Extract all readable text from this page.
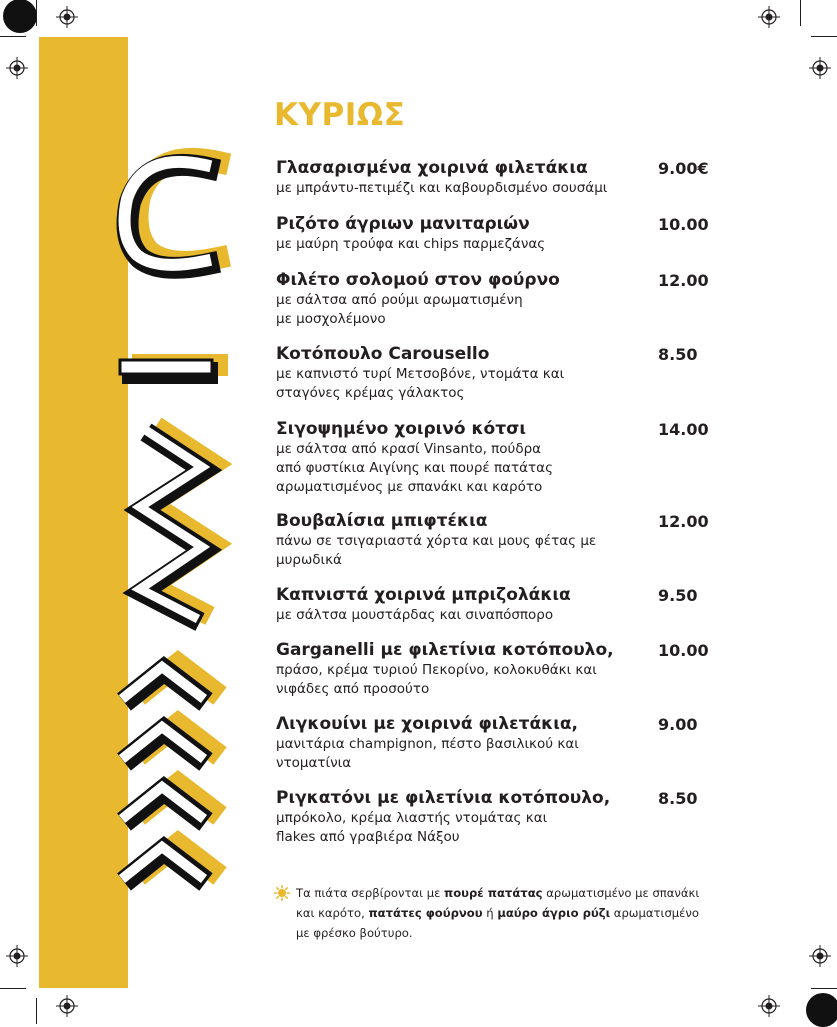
ΚΥΡΙΩΣ
Γλασαρισμένα χοιρινά φιλετάκια
με μπράντυ-πετιμέζι και καβουρδισμένο σουσάμι
9.00€
Ριζότο άγριων μανιταριών
με μαύρη τρούφα και chips παρμεζάνας
10.00
Φιλέτο σολομού στον φούρνο
με σάλτσα από ρούμι αρωματισμένη
με μοσχολέμονο
12.00
Κοτόπουλο Carousello
με καπνιστό τυρί Μετσοβόνε, ντομάτα και
σταγόνες κρέμας γάλακτος
8.50
Σιγοψημένο χοιρινό κότσι
με σάλτσα από κρασί Vinsanto, πούδρα
από φυστίκια Αιγίνης και πουρέ πατάτας
αρωματισμένος με σπανάκι και καρότο
14.00
Βουβαλίσια μπιφτέκια
πάνω σε τσιγαριαστά χόρτα και μους φέτας με
μυρωδικά
12.00
Καπνιστά χοιρινά μπριζολάκια
με σάλτσα μουστάρδας και σιναπόσπορο
9.50
Garganelli με φιλετίνια κοτόπουλο,
πράσο, κρέμα τυριού Πεκορίνο, κολοκυθάκι και
νιφάδες από προσούτο
10.00
Λιγκουίνι με χοιρινά φιλετάκια,
μανιτάρια champignon, πέστο βασιλικού και
ντοματίνια
9.00
Ριγκατόνι με φιλετίνια κοτόπουλο,
μπρόκολο, κρέμα λιαστής ντομάτας και
flakes από γραβιέρα Νάξου
8.50
Τα πιάτα σερβίρονται με πουρέ πατάτας αρωματισμένο με σπανάκι και καρότο, πατάτες φούρνου ή μαύρο άγριο ρύζι αρωματισμένο με φρέσκο βούτυρο.
